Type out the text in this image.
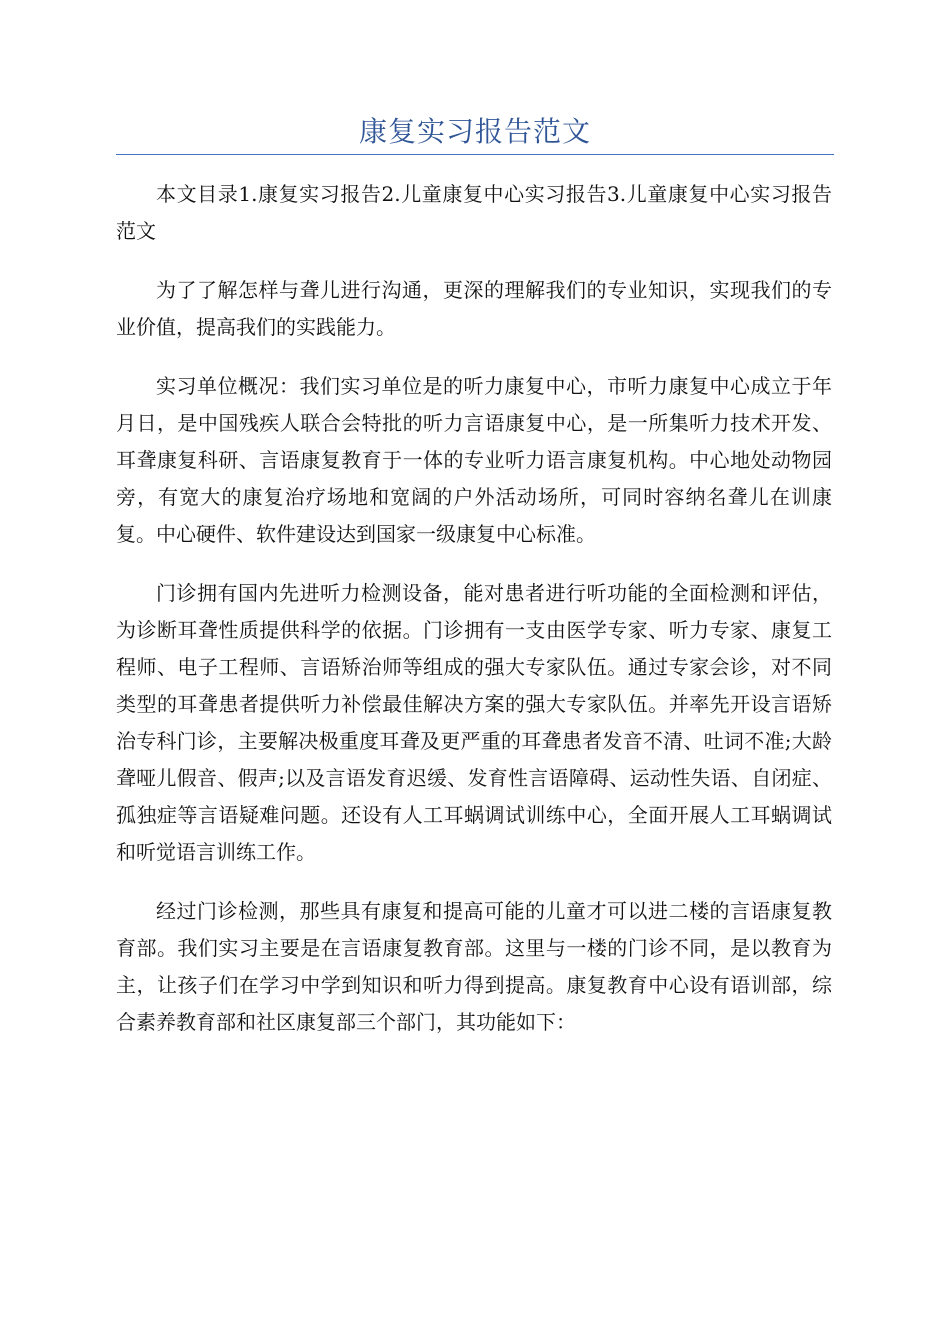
康复实习报告范文

本文目录1.康复实习报告2.儿童康复中心实习报告3.儿童康复中心实习报告范文

为了了解怎样与聋儿进行沟通，更深的理解我们的专业知识，实现我们的专业价值，提高我们的实践能力。

实习单位概况：我们实习单位是的听力康复中心，市听力康复中心成立于年月日，是中国残疾人联合会特批的听力言语康复中心，是一所集听力技术开发、耳聋康复科研、言语康复教育于一体的专业听力语言康复机构。中心地处动物园旁，有宽大的康复治疗场地和宽阔的户外活动场所，可同时容纳名聋儿在训康复。中心硬件、软件建设达到国家一级康复中心标准。

门诊拥有国内先进听力检测设备，能对患者进行听功能的全面检测和评估，为诊断耳聋性质提供科学的依据。门诊拥有一支由医学专家、听力专家、康复工程师、电子工程师、言语矫治师等组成的强大专家队伍。通过专家会诊，对不同类型的耳聋患者提供听力补偿最佳解决方案的强大专家队伍。并率先开设言语矫治专科门诊，主要解决极重度耳聋及更严重的耳聋患者发音不清、吐词不准;大龄聋哑儿假音、假声;以及言语发育迟缓、发育性言语障碍、运动性失语、自闭症、孤独症等言语疑难问题。还设有人工耳蜗调试训练中心，全面开展人工耳蜗调试和听觉语言训练工作。

经过门诊检测，那些具有康复和提高可能的儿童才可以进二楼的言语康复教育部。我们实习主要是在言语康复教育部。这里与一楼的门诊不同，是以教育为主，让孩子们在学习中学到知识和听力得到提高。康复教育中心设有语训部，综合素养教育部和社区康复部三个部门，其功能如下：
